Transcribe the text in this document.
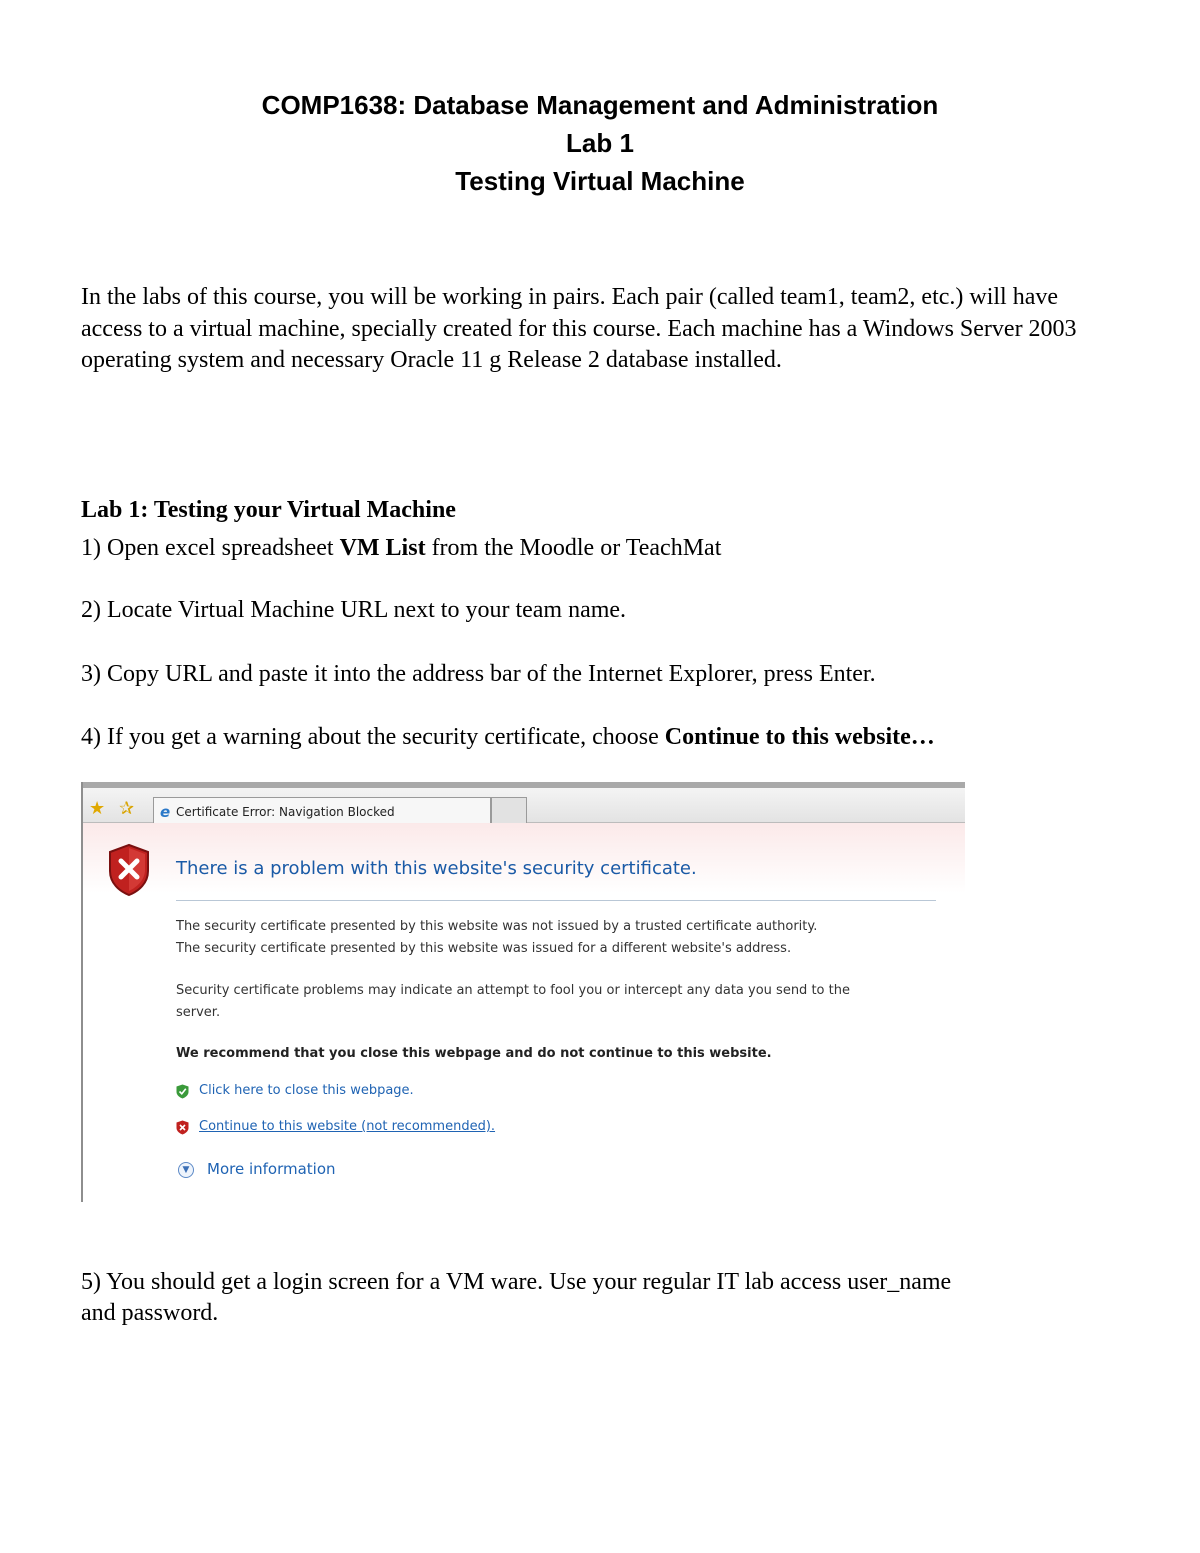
COMP1638: Database Management and Administration
Lab 1
Testing Virtual Machine
In the labs of this course, you will be working in pairs. Each pair (called team1, team2, etc.) will have access to a virtual machine, specially created for this course. Each machine has a Windows Server 2003 operating system and necessary Oracle 11 g Release 2 database installed.
Lab 1: Testing your Virtual Machine
1) Open excel spreadsheet VM List from the Moodle or TeachMat
2) Locate Virtual Machine URL next to your team name.
3) Copy URL and paste it into the address bar of the Internet Explorer, press Enter.
4) If you get a warning about the security certificate, choose Continue to this website…
★ ✰ e Certificate Error: Navigation Blocked
There is a problem with this website's security certificate.
The security certificate presented by this website was not issued by a trusted certificate authority.
The security certificate presented by this website was issued for a different website's address.
Security certificate problems may indicate an attempt to fool you or intercept any data you send to the
server.
We recommend that you close this webpage and do not continue to this website.
Click here to close this webpage.
Continue to this website (not recommended).
▼	More information
5) You should get a login screen for a VM ware. Use your regular IT lab access user_name
and password.
